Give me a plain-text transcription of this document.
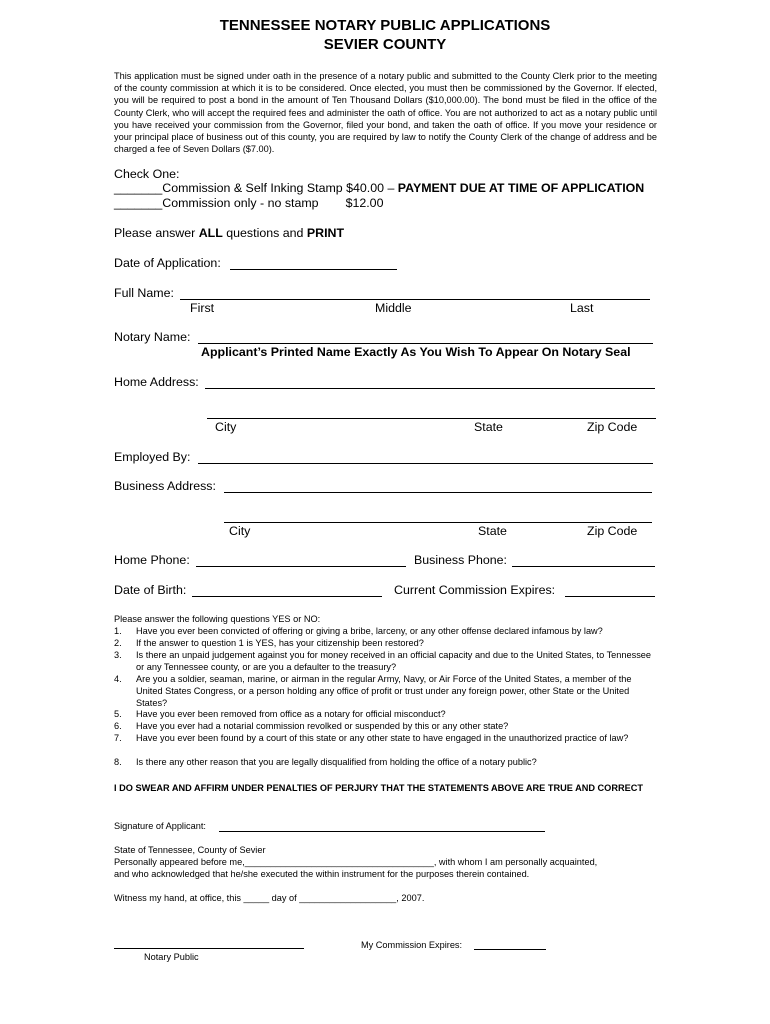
TENNESSEE NOTARY PUBLIC APPLICATIONS
SEVIER COUNTY
This application must be signed under oath in the presence of a notary public and submitted to the County Clerk prior to the meeting of the county commission at which it is to be considered. Once elected, you must then be commissioned by the Governor. If elected, you will be required to post a bond in the amount of Ten Thousand Dollars ($10,000.00). The bond must be filed in the office of the County Clerk, who will accept the required fees and administer the oath of office. You are not authorized to act as a notary public until you have received your commission from the Governor, filed your bond, and taken the oath of office. If you move your residence or your principal place of business out of this county, you are required by law to notify the County Clerk of the change of address and be charged a fee of Seven Dollars ($7.00).
Check One:
_______Commission & Self Inking Stamp $40.00 – PAYMENT DUE AT TIME OF APPLICATION
_______Commission only - no stamp $12.00
Please answer ALL questions and PRINT
Date of Application:
Full Name:
First	Middle	Last
Notary Name:
Applicant’s Printed Name Exactly As You Wish To Appear On Notary Seal
Home Address:
City	State	Zip Code
Employed By:
Business Address:
City	State	Zip Code
Home Phone:	Business Phone:
Date of Birth:	Current Commission Expires:
Please answer the following questions YES or NO:
1. Have you ever been convicted of offering or giving a bribe, larceny, or any other offense declared infamous by law?
2. If the answer to question 1 is YES, has your citizenship been restored?
3. Is there an unpaid judgement against you for money received in an official capacity and due to the United States, to Tennessee or any Tennessee county, or are you a defaulter to the treasury?
4. Are you a soldier, seaman, marine, or airman in the regular Army, Navy, or Air Force of the United States, a member of the United States Congress, or a person holding any office of profit or trust under any foreign power, other State or the United States?
5. Have you ever been removed from office as a notary for official misconduct?
6. Have you ever had a notarial commission revolked or suspended by this or any other state?
7. Have you ever been found by a court of this state or any other state to have engaged in the unauthorized practice of law?
8. Is there any other reason that you are legally disqualified from holding the office of a notary public?
I DO SWEAR AND AFFIRM UNDER PENALTIES OF PERJURY THAT THE STATEMENTS ABOVE ARE TRUE AND CORRECT
Signature of Applicant:
State of Tennessee, County of Sevier
Personally appeared before me,_____________________________________, with whom I am personally acquainted,
and who acknowledged that he/she executed the within instrument for the purposes therein contained.
Witness my hand, at office, this _____ day of ___________________, 2007.
Notary Public
My Commission Expires:
